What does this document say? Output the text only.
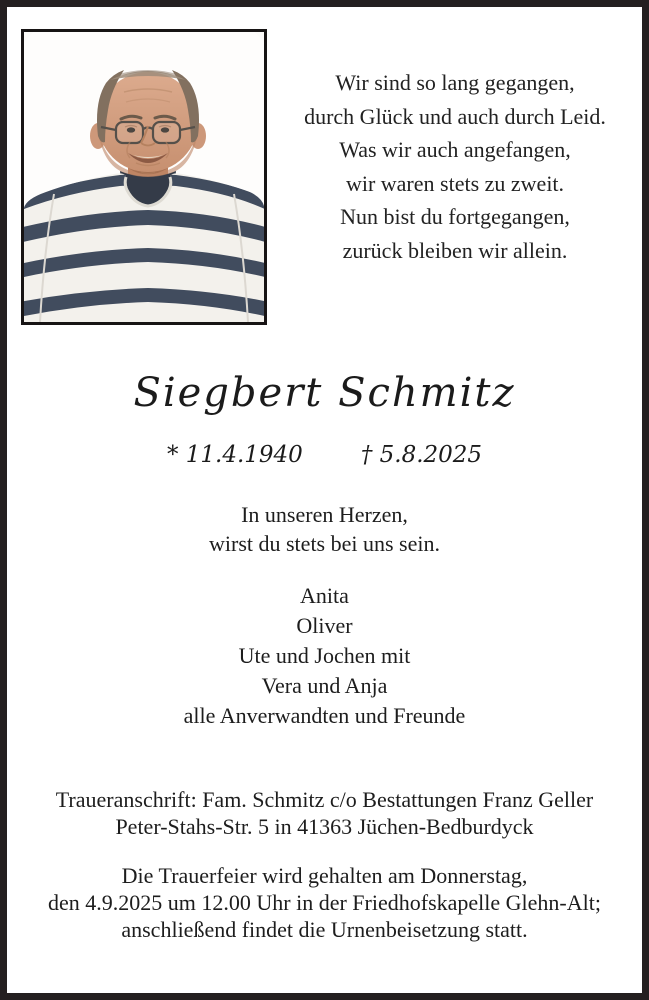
Wir sind so lang gegangen,
durch Glück und auch durch Leid.
Was wir auch angefangen,
wir waren stets zu zweit.
Nun bist du fortgegangen,
zurück bleiben wir allein.
Siegbert Schmitz
* 11.4.1940	† 5.8.2025
In unseren Herzen,
wirst du stets bei uns sein.
Anita
Oliver
Ute und Jochen mit
Vera und Anja
alle Anverwandten und Freunde
Traueranschrift: Fam. Schmitz c/o Bestattungen Franz Geller
Peter-Stahs-Str. 5 in 41363 Jüchen-Bedburdyck
Die Trauerfeier wird gehalten am Donnerstag,
den 4.9.2025 um 12.00 Uhr in der Friedhofskapelle Glehn-Alt;
anschließend findet die Urnenbeisetzung statt.
